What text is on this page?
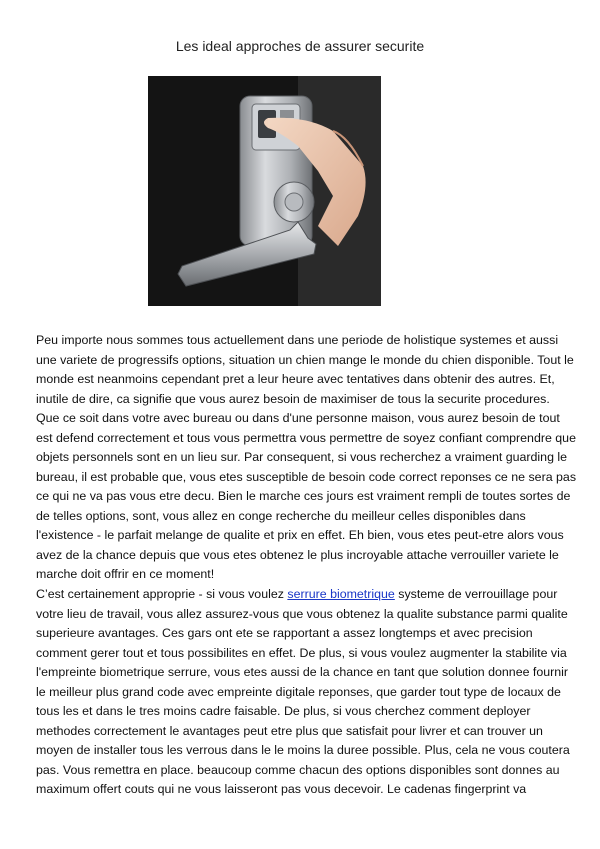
Les ideal approches de assurer securite
Peu importe nous sommes tous actuellement dans une periode de holistique systemes et aussi
une variete de progressifs options, situation un chien mange le monde du chien disponible. Tout le
monde est neanmoins cependant pret a leur heure avec tentatives dans obtenir des autres. Et,
inutile de dire, ca signifie que vous aurez besoin de maximiser de tous la securite procedures.
Que ce soit dans votre avec bureau ou dans d'une personne maison, vous aurez besoin de tout
est defend correctement et tous vous permettra vous permettre de soyez confiant comprendre que
objets personnels sont en un lieu sur. Par consequent, si vous recherchez a vraiment guarding le
bureau, il est probable que, vous etes susceptible de besoin code correct reponses ce ne sera pas
ce qui ne va pas vous etre decu. Bien le marche ces jours est vraiment rempli de toutes sortes de
de telles options, sont, vous allez en conge recherche du meilleur celles disponibles dans
l'existence - le parfait melange de qualite et prix en effet. Eh bien, vous etes peut-etre alors vous
avez de la chance depuis que vous etes obtenez le plus incroyable attache verrouiller variete le
marche doit offrir en ce moment!
C’est certainement approprie - si vous voulez serrure biometrique systeme de verrouillage pour
votre lieu de travail, vous allez assurez-vous que vous obtenez la qualite substance parmi qualite
superieure avantages. Ces gars ont ete se rapportant a assez longtemps et avec precision
comment gerer tout et tous possibilites en effet. De plus, si vous voulez augmenter la stabilite via
l'empreinte biometrique serrure, vous etes aussi de la chance en tant que solution donnee fournir
le meilleur plus grand code avec empreinte digitale reponses, que garder tout type de locaux de
tous les et dans le tres moins cadre faisable. De plus, si vous cherchez comment deployer
methodes correctement le avantages peut etre plus que satisfait pour livrer et can trouver un
moyen de installer tous les verrous dans le le moins la duree possible. Plus, cela ne vous coutera
pas. Vous remettra en place. beaucoup comme chacun des options disponibles sont donnes au
maximum offert couts qui ne vous laisseront pas vous decevoir. Le cadenas fingerprint va
